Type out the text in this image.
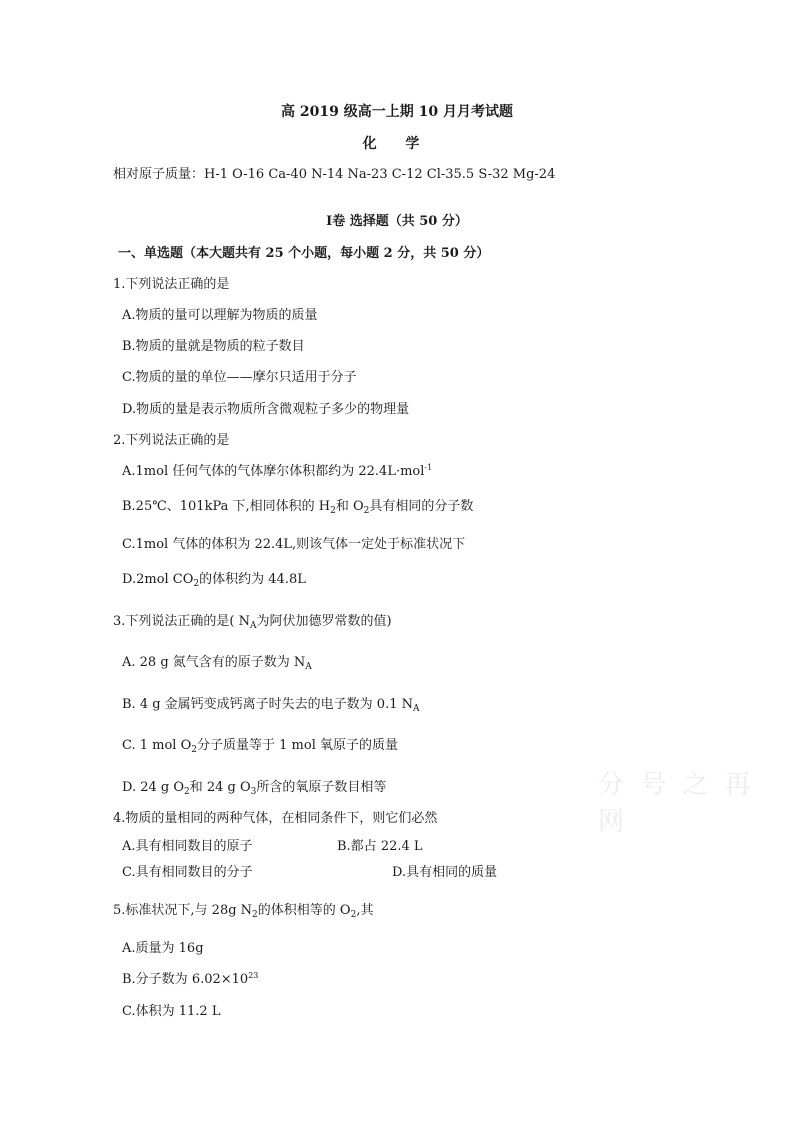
高 2019 级高一上期 10 月月考试题
化 学
相对原子质量：H-1 O-16 Ca-40 N-14 Na-23 C-12 Cl-35.5 S-32 Mg-24
Ⅰ卷 选择题（共 50 分）
一、单选题（本大题共有 25 个小题，每小题 2 分，共 50 分）
1.下列说法正确的是
A.物质的量可以理解为物质的质量
B.物质的量就是物质的粒子数目
C.物质的量的单位——摩尔只适用于分子
D.物质的量是表示物质所含微观粒子多少的物理量
2.下列说法正确的是
A.1mol 任何气体的气体摩尔体积都约为 22.4L·mol$^{-1}$
B.25℃、101kPa 下,相同体积的 $H_2$和 $O_2$具有相同的分子数
C.1mol 气体的体积为 22.4L,则该气体一定处于标准状况下
D.2mol $CO_2$的体积约为 44.8L
3.下列说法正确的是( $N_A$为阿伏加德罗常数的值)
A. 28 g 氮气含有的原子数为 $N_A$
B. 4 g 金属钙变成钙离子时失去的电子数为 0.1 $N_A$
C. 1 mol $O_2$分子质量等于 1 mol 氧原子的质量
D. 24 g $O_2$和 24 g $O_3$所含的氧原子数目相等
4.物质的量相同的两种气体，在相同条件下，则它们必然
A.具有相同数目的原子	B.都占 22.4 L
C.具有相同数目的分子	D.具有相同的质量
5.标准状况下,与 28g $N_2$的体积相等的 $O_2$,其
A.质量为 16g
B.分子数为 $6.02\times 10^{23}$
C.体积为 11.2 L
分 号 之 再 网
